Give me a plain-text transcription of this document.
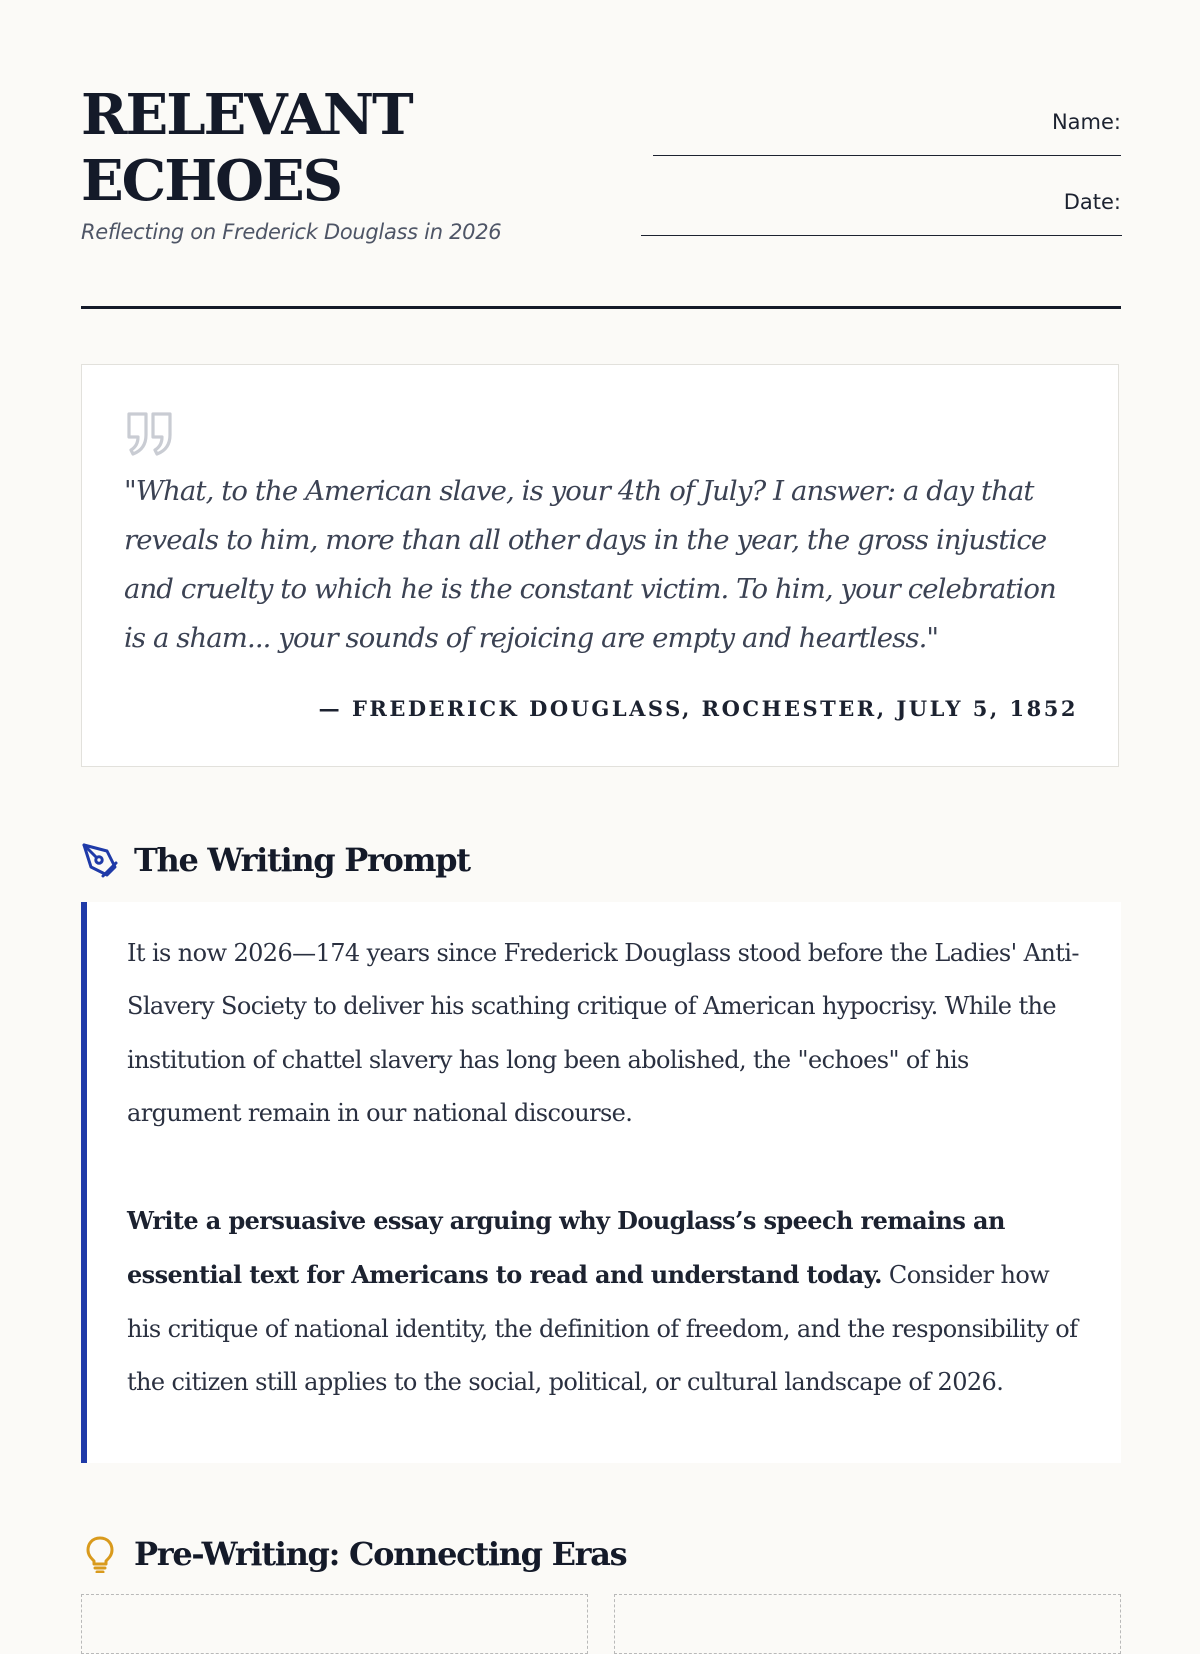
RELEVANT
ECHOES
Reflecting on Frederick Douglass in 2026
Name:
Date:

"What, to the American slave, is your 4th of July? I answer: a day that reveals to him, more than all other days in the year, the gross injustice and cruelty to which he is the constant victim. To him, your celebration is a sham... your sounds of rejoicing are empty and heartless."

— FREDERICK DOUGLASS, ROCHESTER, JULY 5, 1852
The Writing Prompt

It is now 2026—174 years since Frederick Douglass stood before the Ladies' Anti-Slavery Society to deliver his scathing critique of American hypocrisy. While the institution of chattel slavery has long been abolished, the "echoes" of his argument remain in our national discourse.

Write a persuasive essay arguing why Douglass’s speech remains an essential text for Americans to read and understand today. Consider how his critique of national identity, the definition of freedom, and the responsibility of the citizen still applies to the social, political, or cultural landscape of 2026.

Pre-Writing: Connecting Eras
